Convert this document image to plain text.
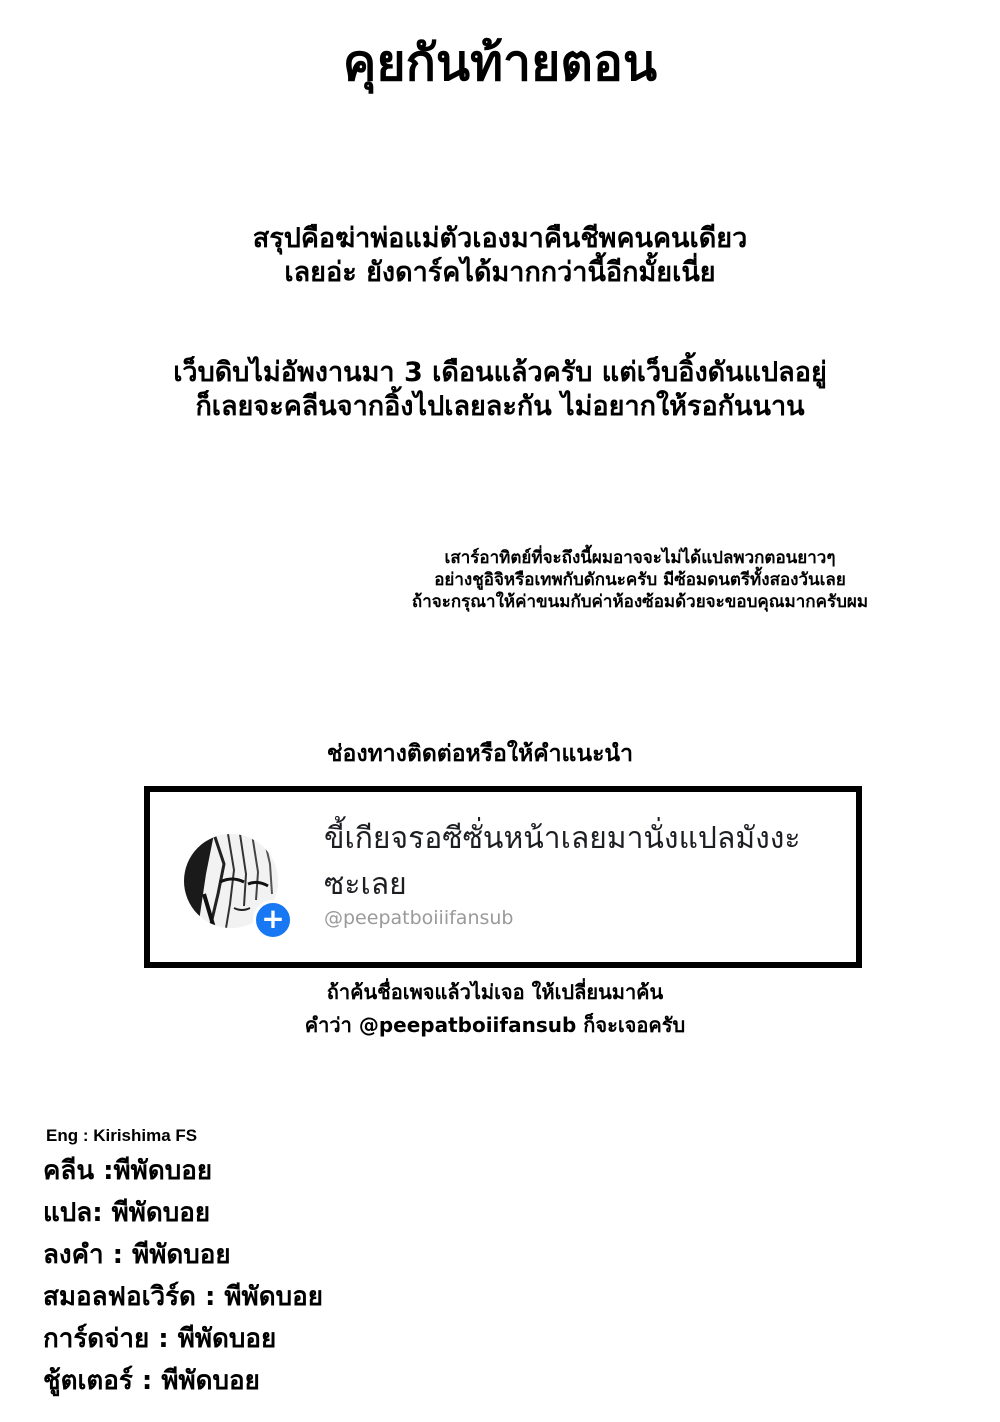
คุยกันท้ายตอน
สรุปคือฆ่าพ่อแม่ตัวเองมาคืนชีพคนคนเดียว
เลยอ่ะ ยังดาร์คได้มากกว่านี้อีกมั้ยเนี่ย
เว็บดิบไม่อัพงานมา 3 เดือนแล้วครับ แต่เว็บอิ้งดันแปลอยู่
ก็เลยจะคลีนจากอิ้งไปเลยละกัน ไม่อยากให้รอกันนาน
เสาร์อาทิตย์ที่จะถึงนี้ผมอาจจะไม่ได้แปลพวกตอนยาวๆ
อย่างชูอิจิหรือเทพกับดักนะครับ มีซ้อมดนตรีทั้งสองวันเลย
ถ้าจะกรุณาให้ค่าขนมกับค่าห้องซ้อมด้วยจะขอบคุณมากครับผม
ช่องทางติดต่อหรือให้คำแนะนำ
+
ขี้เกียจรอซีซั่นหน้าเลยมานั่งแปลมังงะซะเลย
@peepatboiiifansub
ถ้าค้นชื่อเพจแล้วไม่เจอ ให้เปลี่ยนมาค้น
คำว่า @peepatboiifansub ก็จะเจอครับ
Eng : Kirishima FS
คลีน :พีพัดบอย
แปล: พีพัดบอย
ลงคำ : พีพัดบอย
สมอลฟอเวิร์ด : พีพัดบอย
การ์ดจ่าย : พีพัดบอย
ชู้ตเตอร์ : พีพัดบอย
